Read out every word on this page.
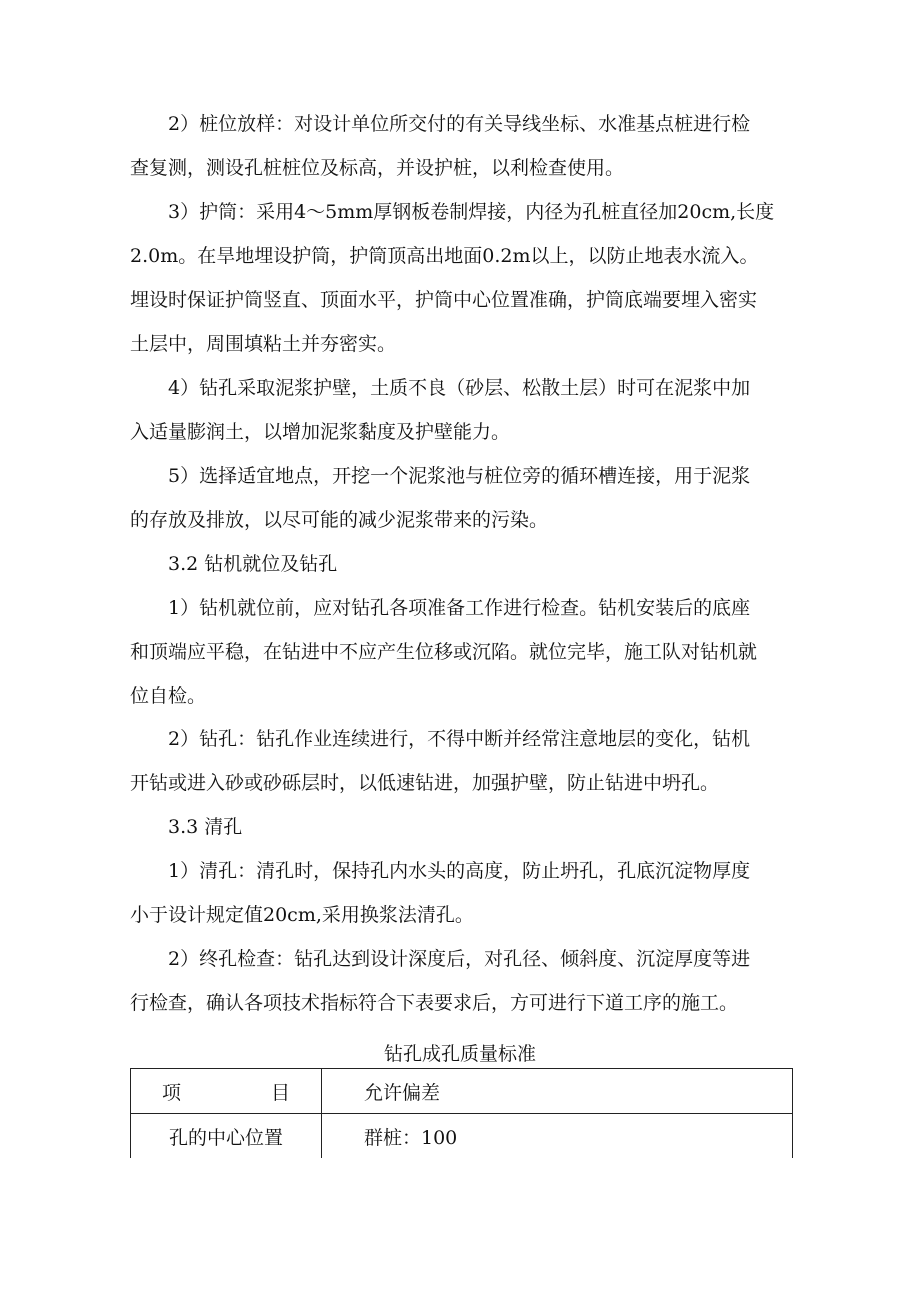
2）桩位放样：对设计单位所交付的有关导线坐标、水准基点桩进行检
查复测，测设孔桩桩位及标高，并设护桩，以利检查使用。
3）护筒：采用4～5mm厚钢板卷制焊接，内径为孔桩直径加20cm,长度
2.0m。在旱地埋设护筒，护筒顶高出地面0.2m以上，以防止地表水流入。
埋设时保证护筒竖直、顶面水平，护筒中心位置准确，护筒底端要埋入密实
土层中，周围填粘土并夯密实。
4）钻孔采取泥浆护壁，土质不良（砂层、松散土层）时可在泥浆中加
入适量膨润土，以增加泥浆黏度及护壁能力。
5）选择适宜地点，开挖一个泥浆池与桩位旁的循环槽连接，用于泥浆
的存放及排放，以尽可能的减少泥浆带来的污染。
3.2 钻机就位及钻孔
1）钻机就位前，应对钻孔各项准备工作进行检查。钻机安装后的底座
和顶端应平稳，在钻进中不应产生位移或沉陷。就位完毕，施工队对钻机就
位自检。
2）钻孔：钻孔作业连续进行，不得中断并经常注意地层的变化，钻机
开钻或进入砂或砂砾层时，以低速钻进，加强护壁，防止钻进中坍孔。
3.3 清孔
1）清孔：清孔时，保持孔内水头的高度，防止坍孔，孔底沉淀物厚度
小于设计规定值20cm,采用换浆法清孔。
2）终孔检查：钻孔达到设计深度后，对孔径、倾斜度、沉淀厚度等进
行检查，确认各项技术指标符合下表要求后，方可进行下道工序的施工。
钻孔成孔质量标准
项　　目	允许偏差
孔的中心位置	群桩：100
